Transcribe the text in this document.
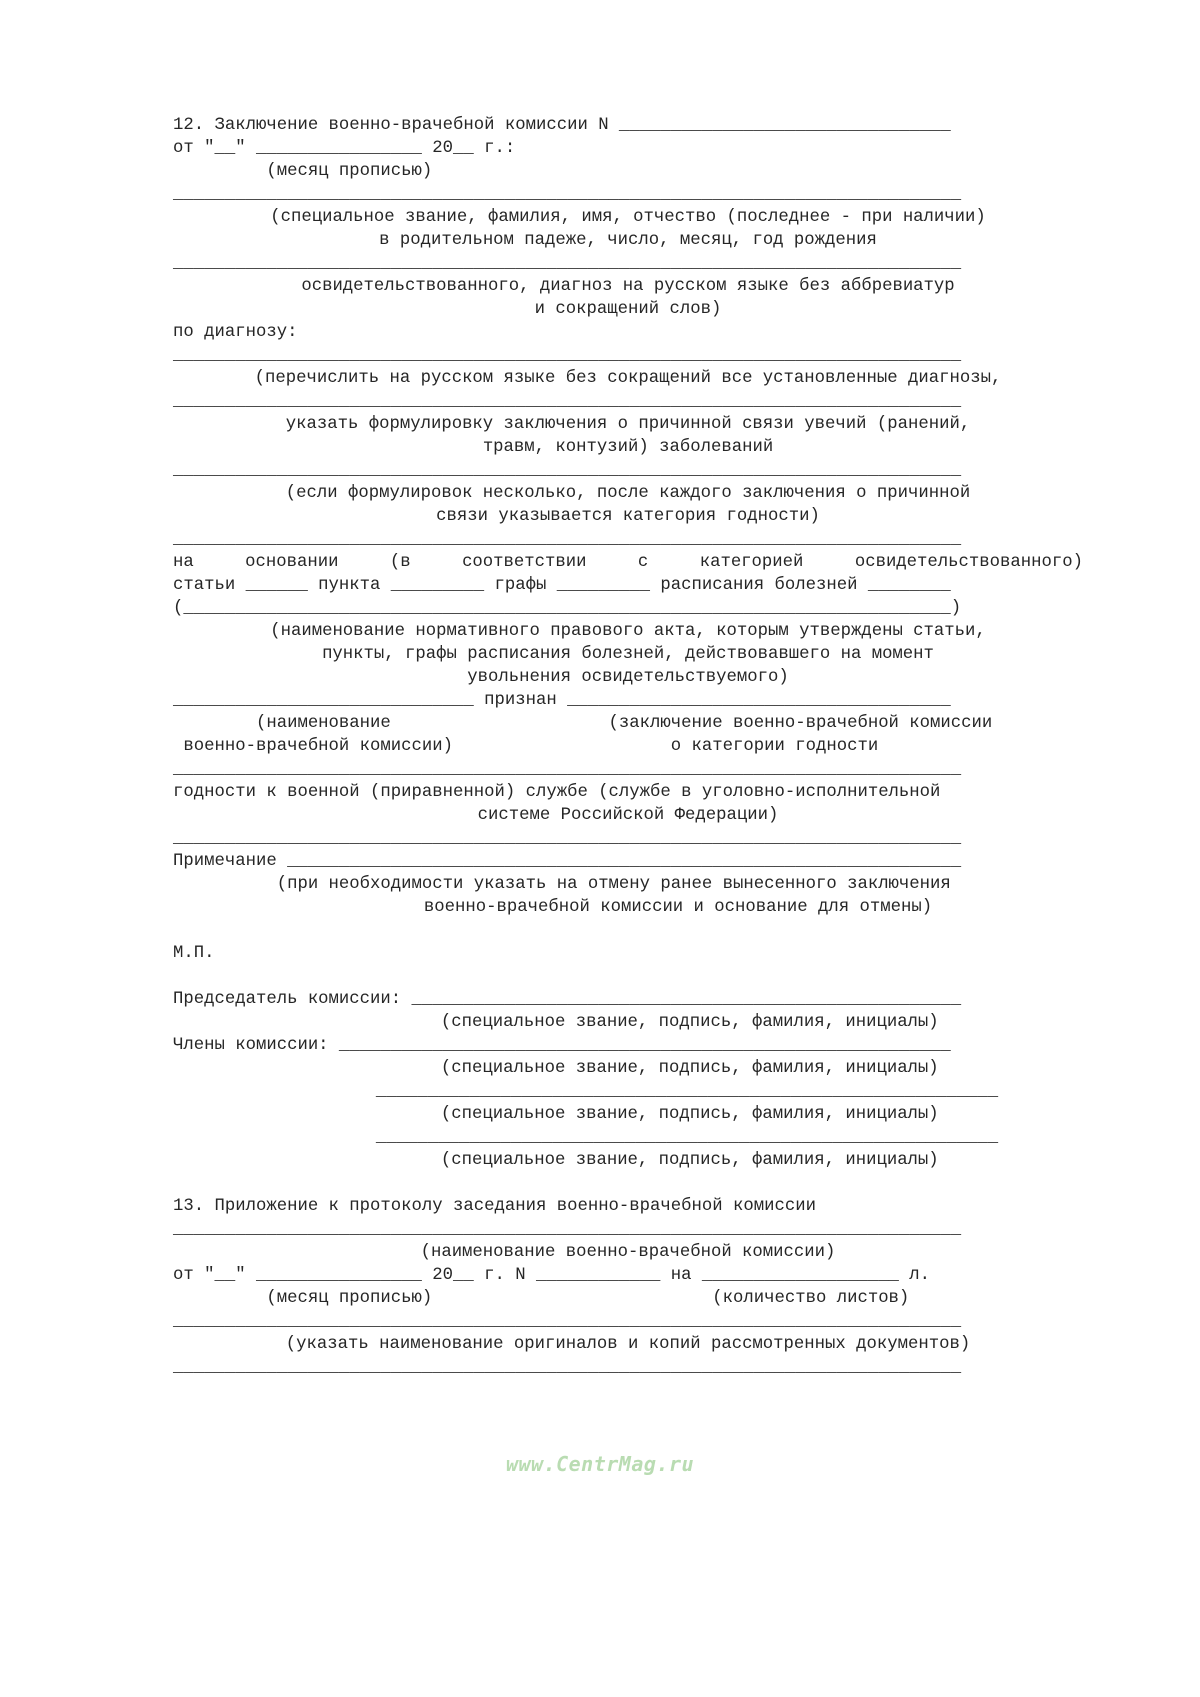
12. Заключение военно-врачебной комиссии N ________________________________
от "__" ________________ 20__ г.:
(месяц прописью)
____________________________________________________________________________
(специальное звание, фамилия, имя, отчество (последнее - при наличии)
в родительном падеже, число, месяц, год рождения
____________________________________________________________________________
освидетельствованного, диагноз на русском языке без аббревиатур
и сокращений слов)
по диагнозу:
____________________________________________________________________________
(перечислить на русском языке без сокращений все установленные диагнозы,
____________________________________________________________________________
указать формулировку заключения о причинной связи увечий (ранений,
травм, контузий) заболеваний
____________________________________________________________________________
(если формулировок несколько, после каждого заключения о причинной
связи указывается категория годности)
____________________________________________________________________________
на	основании	(в	соответствии	с	категорией	освидетельствованного)
статьи ______ пункта _________ графы _________ расписания болезней ________
(__________________________________________________________________________)
(наименование нормативного правового акта, которым утверждены статьи,
пункты, графы расписания болезней, действовавшего на момент
увольнения освидетельствуемого)
_____________________________ признан _____________________________________
(наименование                     (заключение военно-врачебной комиссии
военно-врачебной комиссии)                     о категории годности
____________________________________________________________________________
годности к военной (приравненной) службе (службе в уголовно-исполнительной
системе Российской Федерации)
____________________________________________________________________________
Примечание _________________________________________________________________
(при необходимости указать на отмену ранее вынесенного заключения
военно-врачебной комиссии и основание для отмены)
М.П.
Председатель комиссии: _____________________________________________________
(специальное звание, подпись, фамилия, инициалы)
Члены комиссии: ___________________________________________________________
(специальное звание, подпись, фамилия, инициалы)
____________________________________________________________
(специальное звание, подпись, фамилия, инициалы)
____________________________________________________________
(специальное звание, подпись, фамилия, инициалы)
13. Приложение к протоколу заседания военно-врачебной комиссии
____________________________________________________________________________
(наименование военно-врачебной комиссии)
от "__" ________________ 20__ г. N ____________ на ___________________ л.
(месяц прописью)                           (количество листов)
____________________________________________________________________________
(указать наименование оригиналов и копий рассмотренных документов)
____________________________________________________________________________
www.CentrMag.ru
